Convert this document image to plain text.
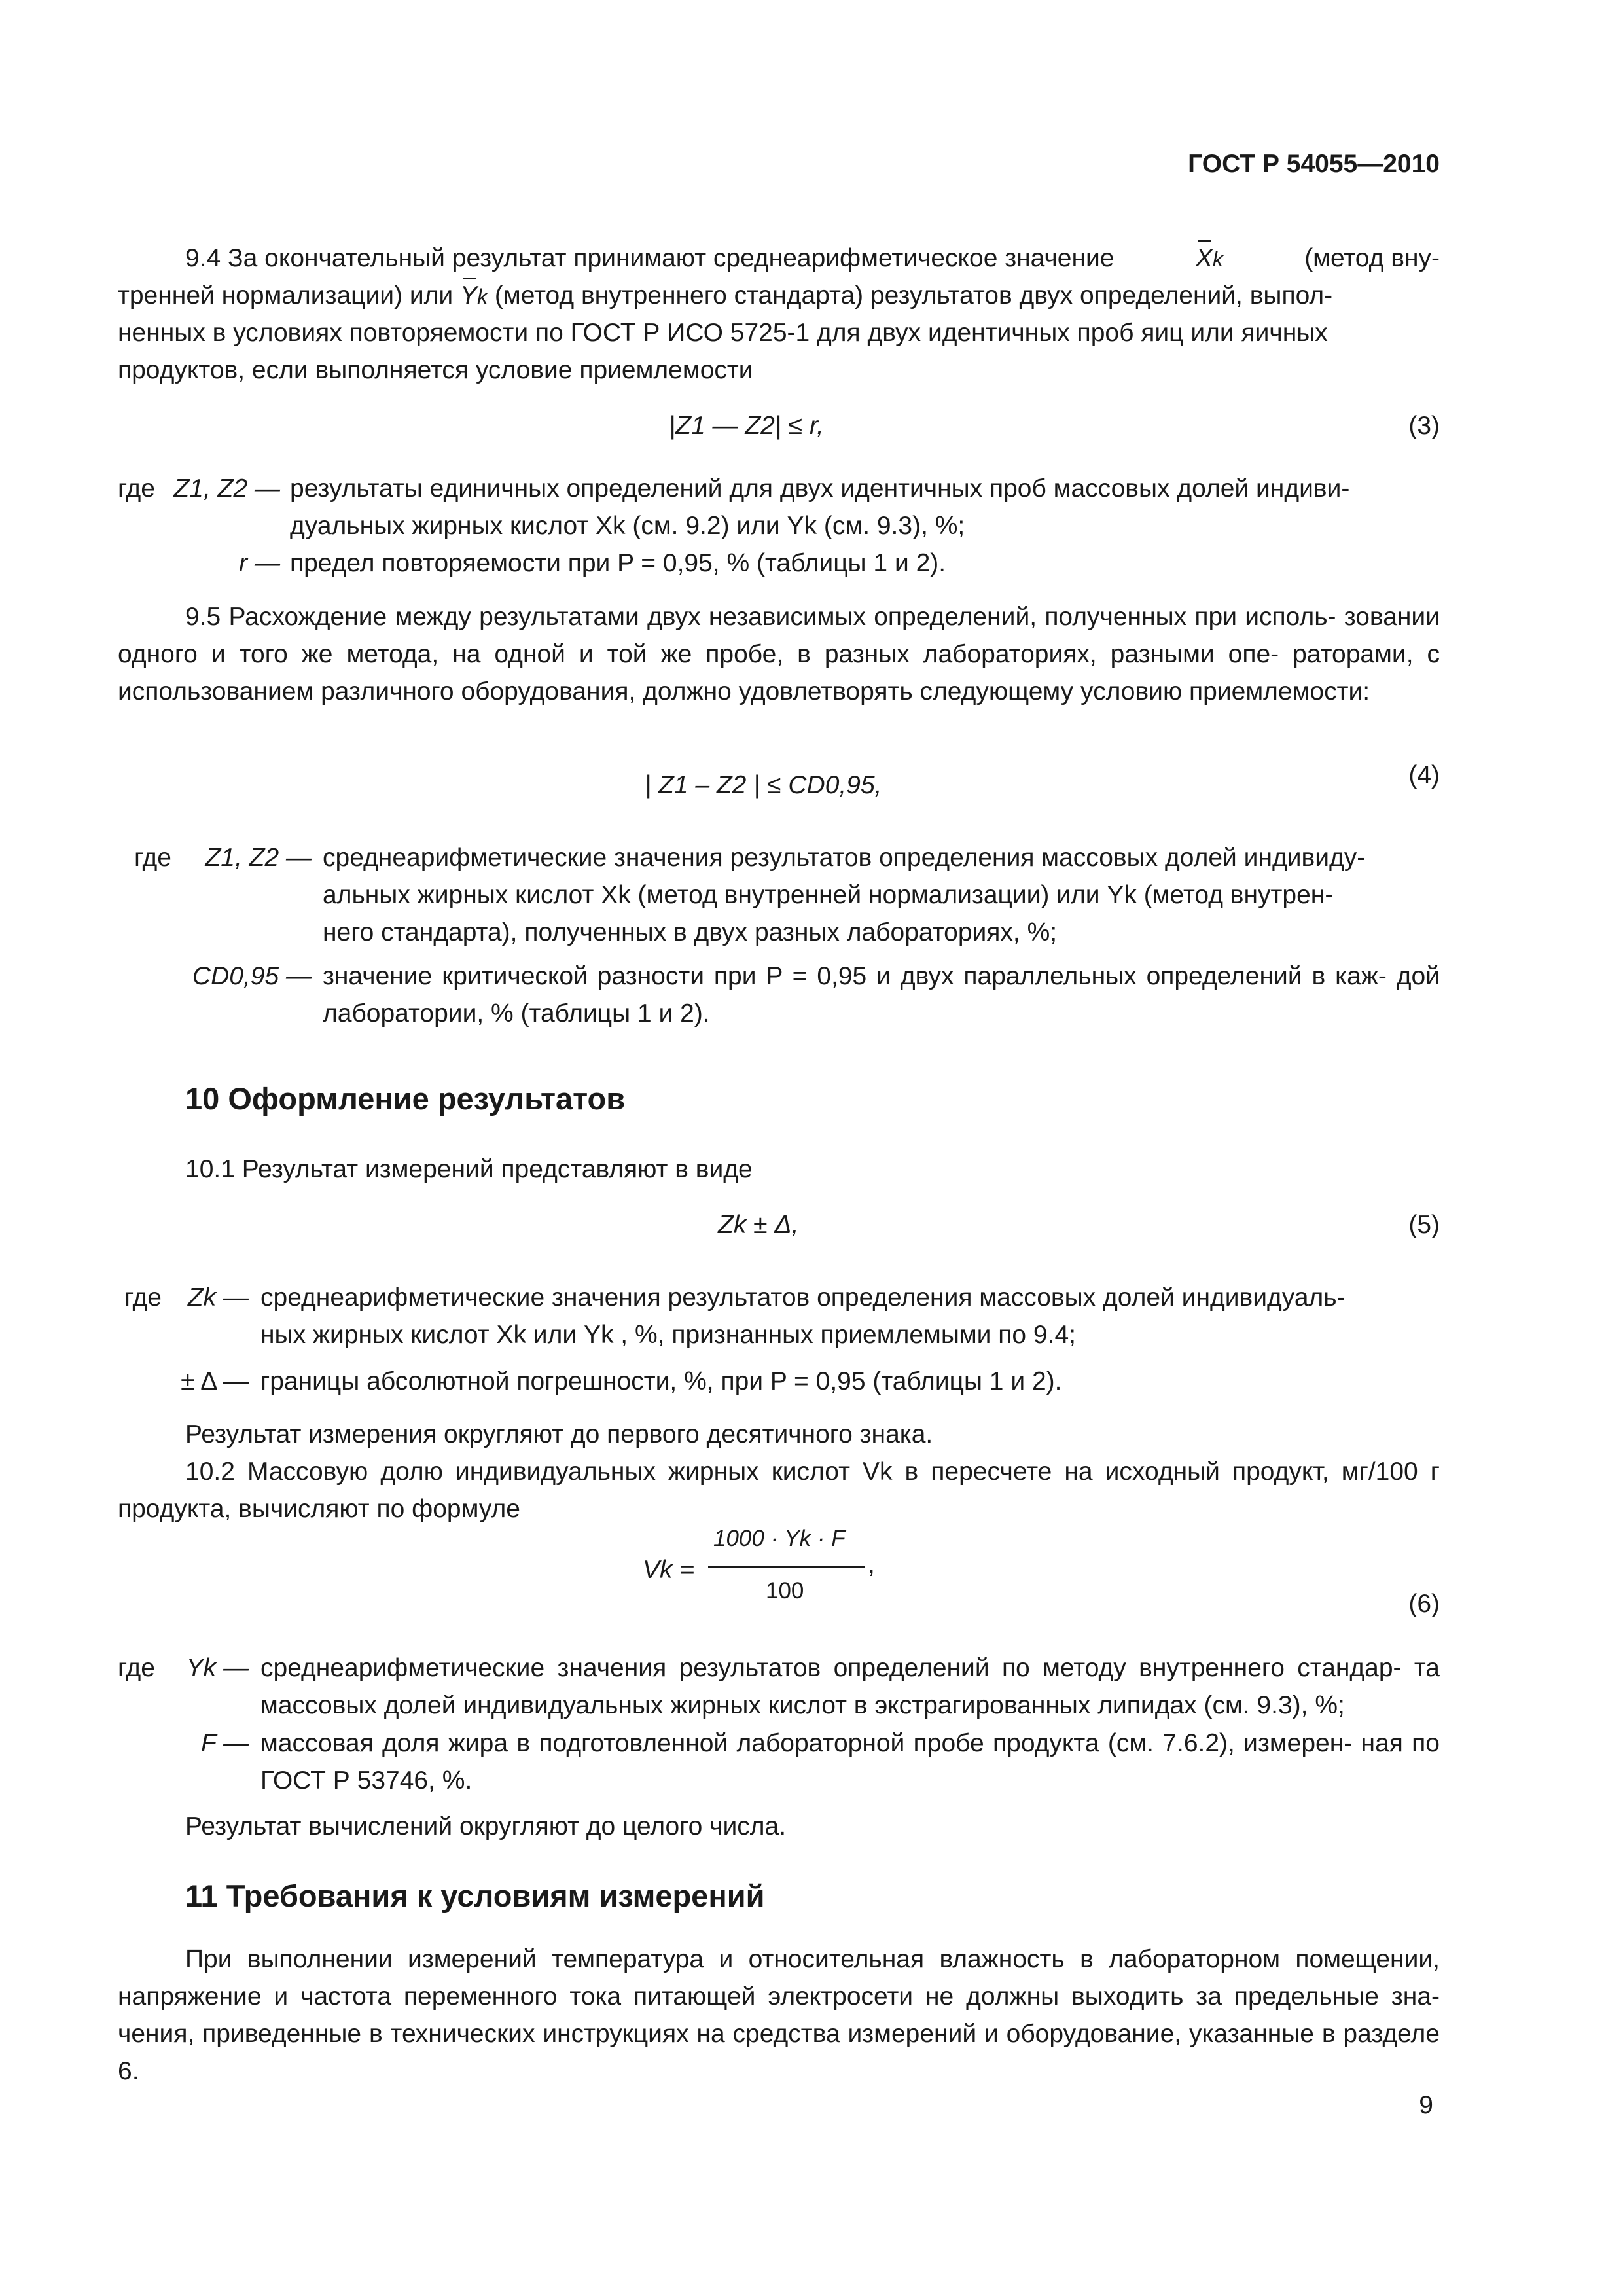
ГОСТ Р 54055—2010
9.4 За окончательный результат принимают среднеарифметическое значение	Xk	(метод вну-
тренней нормализации) или Yk (метод внутреннего стандарта) результатов двух определений, выпол-
ненных в условиях повторяемости по ГОСТ Р ИСО 5725-1 для двух идентичных проб яиц или яичных
продуктов, если выполняется условие приемлемости
|Z1 — Z2| ≤ r,	(3)
где Z1, Z2 — результаты единичных определений для двух идентичных проб массовых долей индиви-
дуальных жирных кислот Xk (см. 9.2) или Yk (см. 9.3), %;
r — предел повторяемости при P = 0,95, % (таблицы 1 и 2).
9.5 Расхождение между результатами двух независимых определений, полученных при исполь- зовании одного и того же метода, на одной и той же пробе, в разных лабораториях, разными опе- раторами, с использованием различного оборудования, должно удовлетворять следующему условию приемлемости:
| Z1 – Z2 | ≤ CD0,95,	(4)
где Z1, Z2 — среднеарифметические значения результатов определения массовых долей индивиду-
альных жирных кислот Xk (метод внутренней нормализации) или Yk (метод внутрен-
него стандарта), полученных в двух разных лабораториях, %;
CD0,95 — значение критической разности при P = 0,95 и двух параллельных определений в каж- дой лаборатории, % (таблицы 1 и 2).
10 Оформление результатов
10.1 Результат измерений представляют в виде
Zk ± Δ,	(5)
где Zk — среднеарифметические значения результатов определения массовых долей индивидуаль-
ных жирных кислот Xk или Yk , %, признанных приемлемыми по 9.4;
± Δ — границы абсолютной погрешности, %, при P = 0,95 (таблицы 1 и 2).
Результат измерения округляют до первого десятичного знака.
10.2 Массовую долю индивидуальных жирных кислот Vk в пересчете на исходный продукт, мг/100 г продукта, вычисляют по формуле
Vk =
1000 · Yk · F
100
,
(6)
где Yk — среднеарифметические значения результатов определений по методу внутреннего стандар- та массовых долей индивидуальных жирных кислот в экстрагированных липидах (см. 9.3), %;
F — массовая доля жира в подготовленной лабораторной пробе продукта (см. 7.6.2), измерен- ная по ГОСТ Р 53746, %.
Результат вычислений округляют до целого числа.
11 Требования к условиям измерений
При выполнении измерений температура и относительная влажность в лабораторном помещении, напряжение и частота переменного тока питающей электросети не должны выходить за предельные зна- чения, приведенные в технических инструкциях на средства измерений и оборудование, указанные в разделе 6.
9
